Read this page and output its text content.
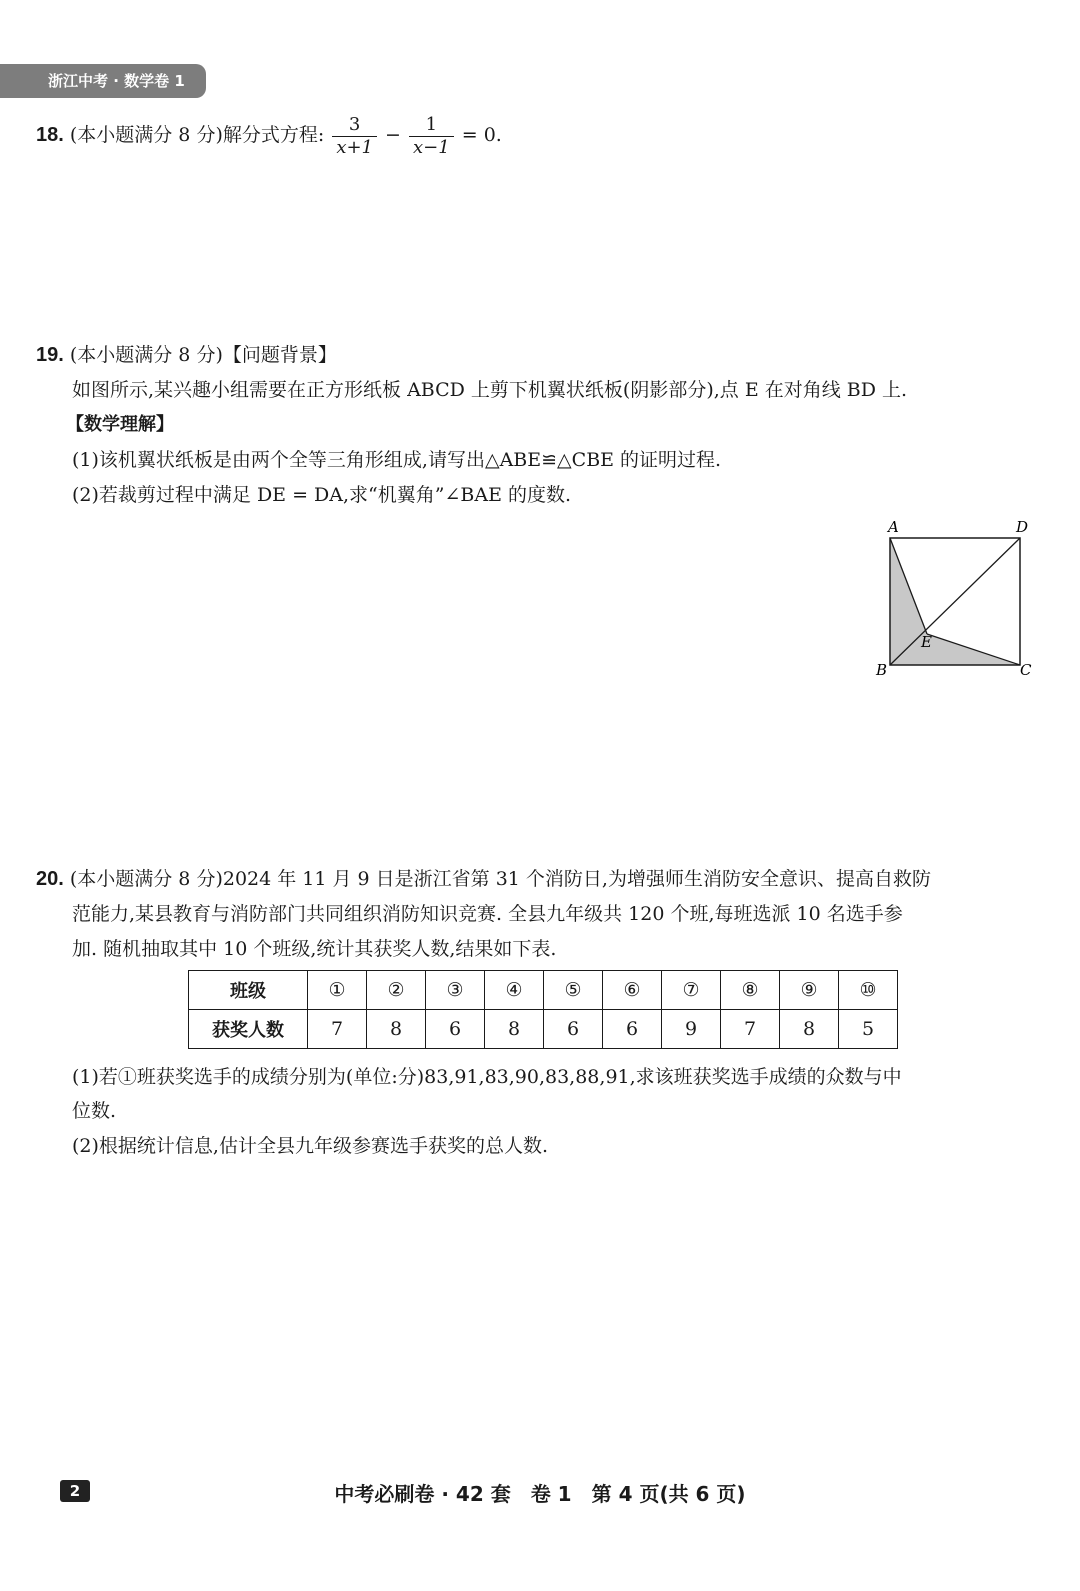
浙江中考 · 数学卷 1
18. (本小题满分 8 分)解分式方程: $\frac{3}{x+1} - \frac{1}{x-1} = 0$.
19. (本小题满分 8 分)【问题背景】
如图所示,某兴趣小组需要在正方形纸板 ABCD 上剪下机翼状纸板(阴影部分),点 E 在对角线 BD 上.
【数学理解】
(1)该机翼状纸板是由两个全等三角形组成,请写出△ABE≌△CBE 的证明过程.
(2)若裁剪过程中满足 DE = DA,求“机翼角”∠BAE 的度数.
A	D
E
B	C
20. (本小题满分 8 分)2024 年 11 月 9 日是浙江省第 31 个消防日,为增强师生消防安全意识、提高自救防
范能力,某县教育与消防部门共同组织消防知识竞赛. 全县九年级共 120 个班,每班选派 10 名选手参
加. 随机抽取其中 10 个班级,统计其获奖人数,结果如下表.
班级	①	②	③	④	⑤	⑥	⑦	⑧	⑨	⑩
获奖人数	7	8	6	8	6	6	9	7	8	5
(1)若①班获奖选手的成绩分别为(单位:分)83,91,83,90,83,88,91,求该班获奖选手成绩的众数与中
位数.
(2)根据统计信息,估计全县九年级参赛选手获奖的总人数.
2	中考必刷卷 · 42 套　卷 1　第 4 页(共 6 页)
